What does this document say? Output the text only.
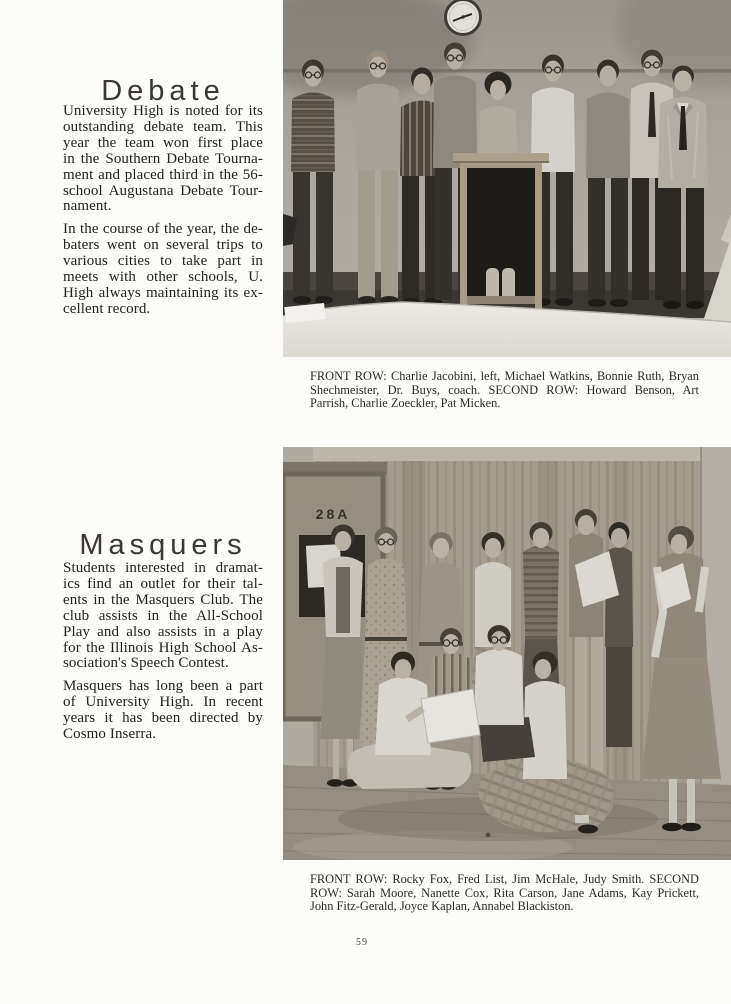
28A
Debate
University High is noted for its
outstanding debate team. This
year the team won first place
in the Southern Debate Tourna-
ment and placed third in the 56-
school Augustana Debate Tour-
nament.
In the course of the year, the de-
baters went on several trips to
various cities to take part in
meets with other schools, U.
High always maintaining its ex-
cellent record.
FRONT ROW: Charlie Jacobini, left, Michael Watkins, Bonnie Ruth, Bryan
Shechmeister, Dr. Buys, coach. SECOND ROW: Howard Benson, Art
Parrish, Charlie Zoeckler, Pat Micken.
Masquers
Students interested in dramat-
ics find an outlet for their tal-
ents in the Masquers Club. The
club assists in the All-School
Play and also assists in a play
for the Illinois High School As-
sociation's Speech Contest.
Masquers has long been a part
of University High. In recent
years it has been directed by
Cosmo Inserra.
FRONT ROW: Rocky Fox, Fred List, Jim McHale, Judy Smith. SECOND
ROW: Sarah Moore, Nanette Cox, Rita Carson, Jane Adams, Kay Prickett,
John Fitz-Gerald, Joyce Kaplan, Annabel Blackiston.
59
